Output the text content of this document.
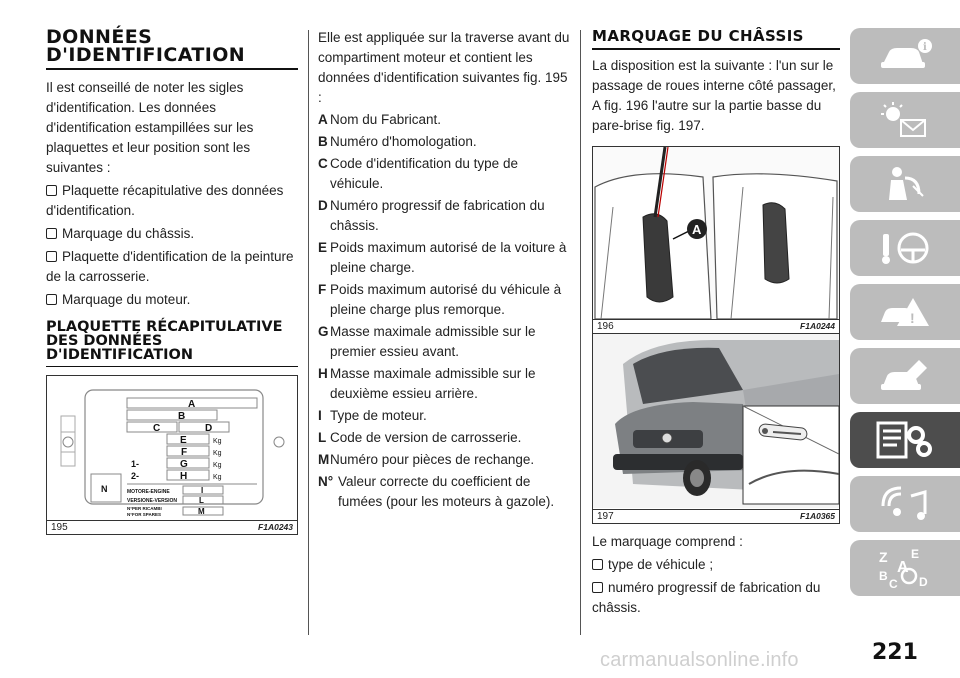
DONNÉES D'IDENTIFICATION

Il est conseillé de noter les sigles d'identification. Les données d'identification estampillées sur les plaquettes et leur position sont les suivantes :

Plaquette récapitulative des données d'identification.
Marquage du châssis.
Plaquette d'identification de la peinture de la carrosserie.
Marquage du moteur.
PLAQUETTE RÉCAPITULATIVE DES DONNÉES D'IDENTIFICATION
A
B
C	D
E	Kg
F	Kg
1-	G	Kg
2-	H	Kg
N	MOTORE-ENGINE	I
VERSIONE-VERSION	L
N°PER RICAMBI
N°FOR SPARES	M
195	F1A0243

Elle est appliquée sur la traverse avant du compartiment moteur et contient les données d'identification suivantes fig. 195 :

A Nom du Fabricant.
B Numéro d'homologation.
C Code d'identification du type de véhicule.
D Numéro progressif de fabrication du châssis.
E Poids maximum autorisé de la voiture à pleine charge.
F Poids maximum autorisé du véhicule à pleine charge plus remorque.
GMasse maximale admissible sur le premier essieu avant.
H Masse maximale admissible sur le deuxième essieu arrière.
I Type de moteur.
L Code de version de carrosserie.
MNuméro pour pièces de rechange.
N° Valeur correcte du coefficient de fumées (pour les moteurs à gazole).
MARQUAGE DU CHÂSSIS

La disposition est la suivante : l'un sur le passage de roues interne côté passager, A fig. 196 l'autre sur la partie basse du pare-brise fig. 197.

A
196	F1A0244
197	F1A0365

Le marquage comprend :

type de véhicule ;
numéro progressif de fabrication du châssis.
i
!
Z E
A
B
C D
221
carmanualsonline.info
